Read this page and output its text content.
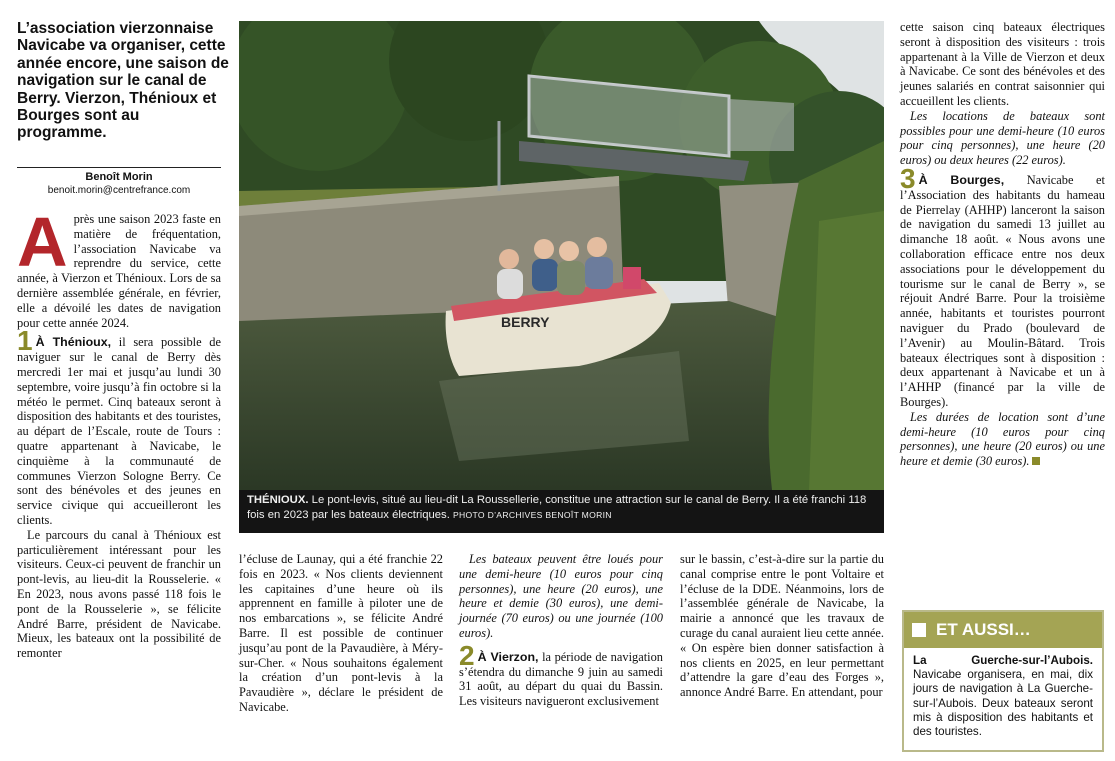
L’association vierzonnaise Navicabe va organiser, cette année encore, une saison de navigation sur le canal de Berry. Vierzon, Thénioux et Bourges sont au programme.
Benoît Morin
benoit.morin@centrefrance.com

Après une saison 2023 faste en matière de fréquentation, l’association Navicabe va reprendre du service, cette année, à Vierzon et Thénioux. Lors de sa dernière assemblée générale, en février, elle a dévoilé les dates de navigation pour cette année 2024.

1 À Thénioux, il sera possible de naviguer sur le canal de Berry dès mercredi 1er mai et jusqu’au lundi 30 septembre, voire jusqu’à fin octobre si la météo le permet. Cinq bateaux seront à disposition des habitants et des touristes, au départ de l’Escale, route de Tours : quatre appartenant à Navicabe, le cinquième à la communauté de communes Vierzon Sologne Berry. Ce sont des bénévoles et des jeunes en service civique qui accueilleront les clients.

Le parcours du canal à Thénioux est particulièrement intéressant pour les visiteurs. Ceux-ci peuvent de franchir un pont-levis, au lieu-dit la Rousselerie. « En 2023, nous avons passé 118 fois le pont de la Rousselerie », se félicite André Barre, président de Navicabe. Mieux, les bateaux ont la possibilité de remonter

l’écluse de Launay, qui a été franchie 22 fois en 2023. « Nos clients deviennent les capitaines d’une heure où ils apprennent en famille à piloter une de nos embarcations », se félicite André Barre. Il est possible de continuer jusqu’au pont de la Pavaudière, à Méry-sur-Cher. « Nous souhaitons également la création d’un pont-levis à la Pavaudière », déclare le président de Navicabe.

Les bateaux peuvent être loués pour une demi-heure (10 euros pour cinq personnes), une heure (20 euros), une heure et demie (30 euros), une demi-journée (70 euros) ou une journée (100 euros).

2 À Vierzon, la période de navigation s’étendra du dimanche 9 juin au samedi 31 août, au départ du quai du Bassin. Les visiteurs navigueront exclusivement

sur le bassin, c’est-à-dire sur la partie du canal comprise entre le pont Voltaire et l’écluse de la DDE. Néanmoins, lors de l’assemblée générale de Navicabe, la mairie a annoncé que les travaux de curage du canal auraient lieu cette année. « On espère bien donner satisfaction à nos clients en 2025, en leur permettant d’attendre la gare d’eau des Forges », annonce André Barre. En attendant, pour

cette saison cinq bateaux électriques seront à disposition des visiteurs : trois appartenant à la Ville de Vierzon et deux à Navicabe. Ce sont des bénévoles et des jeunes salariés en contrat saisonnier qui accueillent les clients.

Les locations de bateaux sont possibles pour une demi-heure (10 euros pour cinq personnes), une heure (20 euros) ou deux heures (22 euros).

3 À Bourges, Navicabe et l’Association des habitants du hameau de Pierrelay (AHHP) lanceront la saison de navigation du samedi 13 juillet au dimanche 18 août. « Nous avons une collaboration efficace entre nos deux associations pour le développement du tourisme sur le canal de Berry », se réjouit André Barre. Pour la troisième année, habitants et touristes pourront naviguer du Prado (boulevard de l’Avenir) au Moulin-Bâtard. Trois bateaux électriques sont à disposition : deux appartenant à Navicabe et un à l’AHHP (financé par la ville de Bourges).

Les durées de location sont d’une demi-heure (10 euros pour cinq personnes), une heure (20 euros) ou une heure et demie (30 euros).

BERRY
THÉNIOUX. Le pont-levis, situé au lieu-dit La Roussellerie, constitue une attraction sur le canal de Berry. Il a été franchi 118 fois en 2023 par les bateaux électriques. PHOTO D’ARCHIVES BENOÎT MORIN
ET AUSSI…
La Guerche-sur-l’Aubois. Navicabe organisera, en mai, dix jours de navigation à La Guerche-sur-l’Aubois. Deux bateaux seront mis à disposition des habitants et des touristes.
